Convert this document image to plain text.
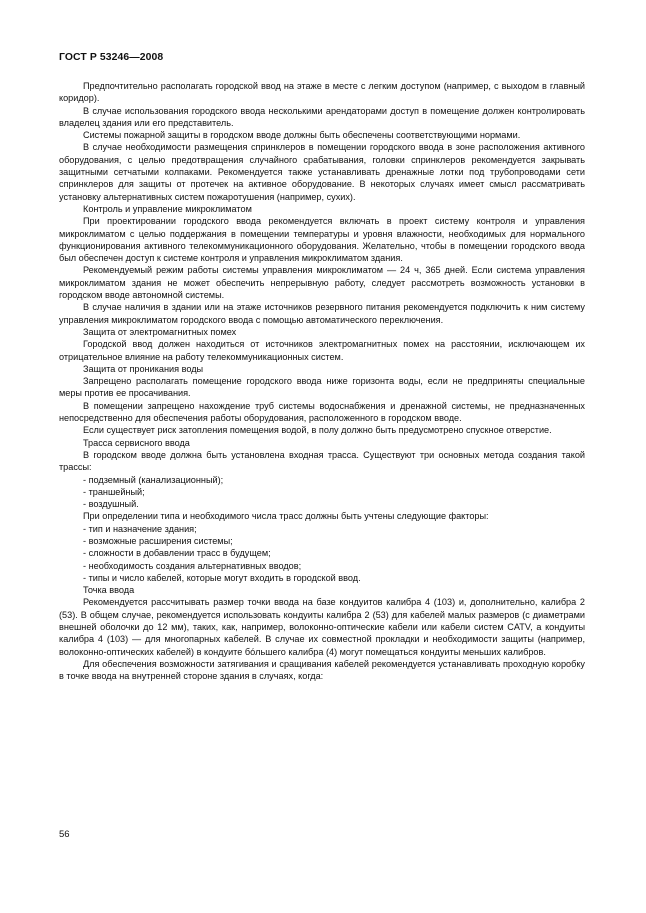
ГОСТ Р 53246—2008

Предпочтительно располагать городской ввод на этаже в месте с легким доступом (например, с выходом в главный коридор).

В случае использования городского ввода несколькими арендаторами доступ в помещение должен контролировать владелец здания или его представитель.

Системы пожарной защиты в городском вводе должны быть обеспечены соответствующими нормами.

В случае необходимости размещения спринклеров в помещении городского ввода в зоне расположения активного оборудования, с целью предотвращения случайного срабатывания, головки спринклеров рекомендуется закрывать защитными сетчатыми колпаками. Рекомендуется также устанавливать дренажные лотки под трубопроводами сети спринклеров для защиты от протечек на активное оборудование. В некоторых случаях имеет смысл рассматривать установку альтернативных систем пожаротушения (например, сухих).

Контроль и управление микроклиматом

При проектировании городского ввода рекомендуется включать в проект систему контроля и управления микроклиматом с целью поддержания в помещении температуры и уровня влажности, необходимых для нормального функционирования активного телекоммуникационного оборудования. Желательно, чтобы в помещении городского ввода был обеспечен доступ к системе контроля и управления микроклиматом здания.

Рекомендуемый режим работы системы управления микроклиматом — 24 ч, 365 дней. Если система управления микроклиматом здания не может обеспечить непрерывную работу, следует рассмотреть возможность установки в городском вводе автономной системы.

В случае наличия в здании или на этаже источников резервного питания рекомендуется подключить к ним систему управления микроклиматом городского ввода с помощью автоматического переключения.

Защита от электромагнитных помех

Городской ввод должен находиться от источников электромагнитных помех на расстоянии, исключающем их отрицательное влияние на работу телекоммуникационных систем.

Защита от проникания воды

Запрещено располагать помещение городского ввода ниже горизонта воды, если не предприняты специальные меры против ее просачивания.

В помещении запрещено нахождение труб системы водоснабжения и дренажной системы, не предназначенных непосредственно для обеспечения работы оборудования, расположенного в городском вводе.

Если существует риск затопления помещения водой, в полу должно быть предусмотрено спускное отверстие.

Трасса сервисного ввода

В городском вводе должна быть установлена входная трасса. Существуют три основных метода создания такой трассы:

- подземный (канализационный);

- траншейный;

- воздушный.

При определении типа и необходимого числа трасс должны быть учтены следующие факторы:

- тип и назначение здания;

- возможные расширения системы;

- сложности в добавлении трасс в будущем;

- необходимость создания альтернативных вводов;

- типы и число кабелей, которые могут входить в городской ввод.

Точка ввода

Рекомендуется рассчитывать размер точки ввода на базе кондуитов калибра 4 (103) и, дополнительно, калибра 2 (53). В общем случае, рекомендуется использовать кондуиты калибра 2 (53) для кабелей малых размеров (с диаметрами внешней оболочки до 12 мм), таких, как, например, волоконно-оптические кабели или кабели систем CATV, а кондуиты калибра 4 (103) — для многопарных кабелей. В случае их совместной прокладки и необходимости защиты (например, волоконно-оптических кабелей) в кондуите бо́льшего калибра (4) могут помещаться кондуиты меньших калибров.

Для обеспечения возможности затягивания и сращивания кабелей рекомендуется устанавливать проходную коробку в точке ввода на внутренней стороне здания в случаях, когда:

56
